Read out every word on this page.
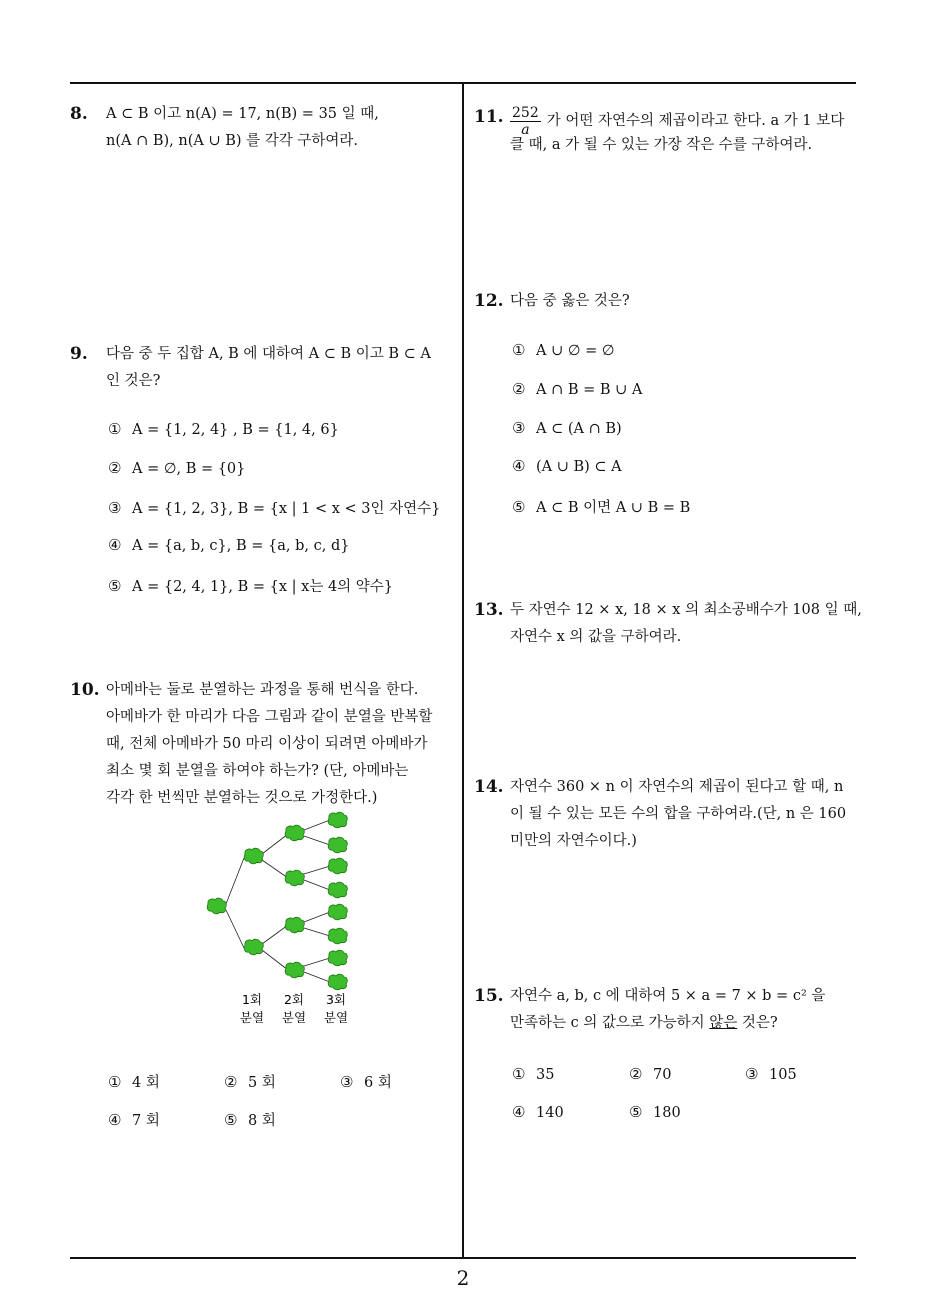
8. A ⊂ B 이고 n(A) = 17, n(B) = 35 일 때,
n(A ∩ B), n(A ∪ B) 를 각각 구하여라.
9. 다음 중 두 집합 A, B 에 대하여 A ⊂ B 이고 B ⊂ A
인 것은?
① A = {1, 2, 4} , B = {1, 4, 6}
② A = ∅, B = {0}
③ A = {1, 2, 3}, B = {x | 1 < x < 3인 자연수}
④ A = {a, b, c}, B = {a, b, c, d}
⑤ A = {2, 4, 1}, B = {x | x는 4의 약수}
10. 아메바는 둘로 분열하는 과정을 통해 번식을 한다.
아메바가 한 마리가 다음 그림과 같이 분열을 반복할
때, 전체 아메바가 50 마리 이상이 되려면 아메바가
최소 몇 회 분열을 하여야 하는가? (단, 아메바는
각각 한 번씩만 분열하는 것으로 가정한다.)
1회
분열
2회
분열
3회
분열
① 4 회	② 5 회	③ 6 회
④ 7 회	⑤ 8 회
11. $\frac{252}{a}$ 가 어떤 자연수의 제곱이라고 한다. a 가 1 보다
클 때, a 가 될 수 있는 가장 작은 수를 구하여라.
12. 다음 중 옳은 것은?
① A ∪ ∅ = ∅
② A ∩ B = B ∪ A
③ A ⊂ (A ∩ B)
④ (A ∪ B) ⊂ A
⑤ A ⊂ B 이면 A ∪ B = B
13. 두 자연수 12 × x, 18 × x 의 최소공배수가 108 일 때,
자연수 x 의 값을 구하여라.
14. 자연수 360 × n 이 자연수의 제곱이 된다고 할 때, n
이 될 수 있는 모든 수의 합을 구하여라.(단, n 은 160
미만의 자연수이다.)
15. 자연수 a, b, c 에 대하여 5 × a = 7 × b = c² 을
만족하는 c 의 값으로 가능하지 않은 것은?
① 35	② 70	③ 105
④ 140	⑤ 180
2
